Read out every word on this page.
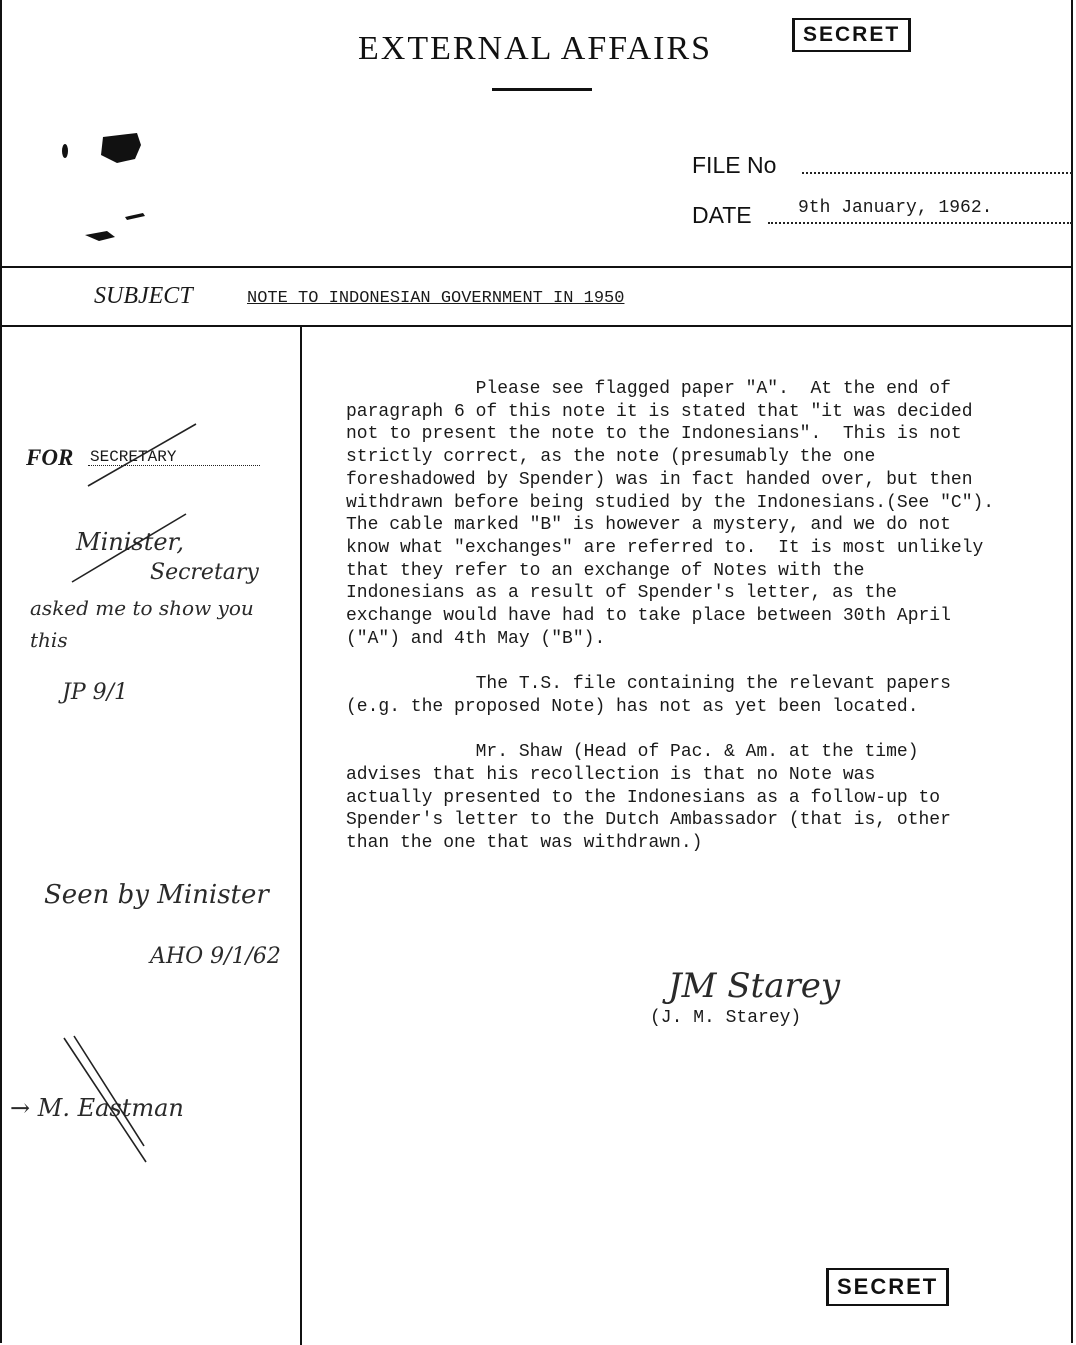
EXTERNAL AFFAIRS	SECRET
FILE No
DATE	9th January, 1962.
SUBJECT	NOTE TO INDONESIAN GOVERNMENT IN 1950
FOR SECRETARY
Minister,
Secretary
asked me to show you
this
JP 9/1
Seen by Minister
AHO 9/1/62
→ M. Eastman

Please see flagged paper "A".  At the end of
paragraph 6 of this note it is stated that "it was decided
not to present the note to the Indonesians".  This is not
strictly correct, as the note (presumably the one
foreshadowed by Spender) was in fact handed over, but then
withdrawn before being studied by the Indonesians.(See "C").
The cable marked "B" is however a mystery, and we do not
know what "exchanges" are referred to.  It is most unlikely
that they refer to an exchange of Notes with the
Indonesians as a result of Spender's letter, as the
exchange would have had to take place between 30th April
("A") and 4th May ("B").

The T.S. file containing the relevant papers
(e.g. the proposed Note) has not as yet been located.

Mr. Shaw (Head of Pac. & Am. at the time)
advises that his recollection is that no Note was
actually presented to the Indonesians as a follow-up to
Spender's letter to the Dutch Ambassador (that is, other
than the one that was withdrawn.)

JM Starey
(J. M. Starey)
SECRET
